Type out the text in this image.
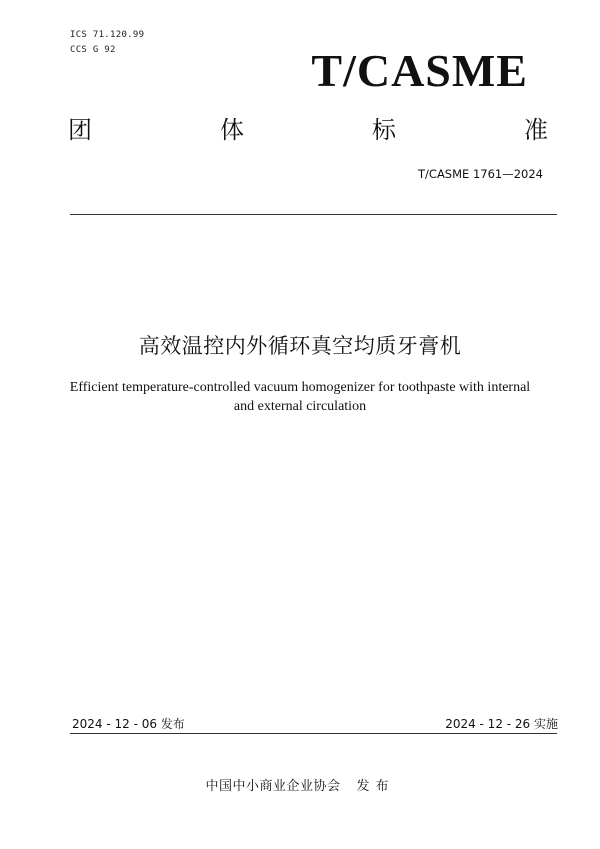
ICS 71.120.99
CCS G 92	T/CASME
团	体	标	准
T/CASME 1761—2024
高效温控内外循环真空均质牙膏机
Efficient temperature-controlled vacuum homogenizer for toothpaste with internal
and external circulation
2024 - 12 - 06 发布	2024 - 12 - 26 实施
中国中小商业企业协会 发布
